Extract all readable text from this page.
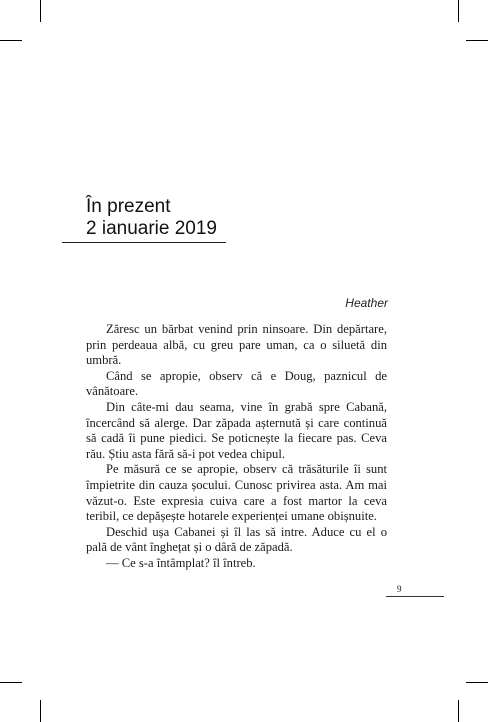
În prezent
2 ianuarie 2019
Heather

Zăresc un bărbat venind prin ninsoare. Din depărtare, prin perdeaua albă, cu greu pare uman, ca o siluetă din umbră.

Când se apropie, observ că e Doug, paznicul de vânătoare.

Din câte-mi dau seama, vine în grabă spre Cabană, încercând să alerge. Dar zăpada așternută și care continuă să cadă îi pune piedici. Se poticnește la fiecare pas. Ceva rău. Știu asta fără să-i pot vedea chipul.

Pe măsură ce se apropie, observ că trăsăturile îi sunt împietrite din cauza șocului. Cunosc privirea asta. Am mai văzut-o. Este expresia cuiva care a fost martor la ceva teribil, ce depășește hotarele experienței umane obișnuite.

Deschid ușa Cabanei și îl las să intre. Aduce cu el o pală de vânt înghețat și o dâră de zăpadă.

— Ce s-a întâmplat? îl întreb.

9
